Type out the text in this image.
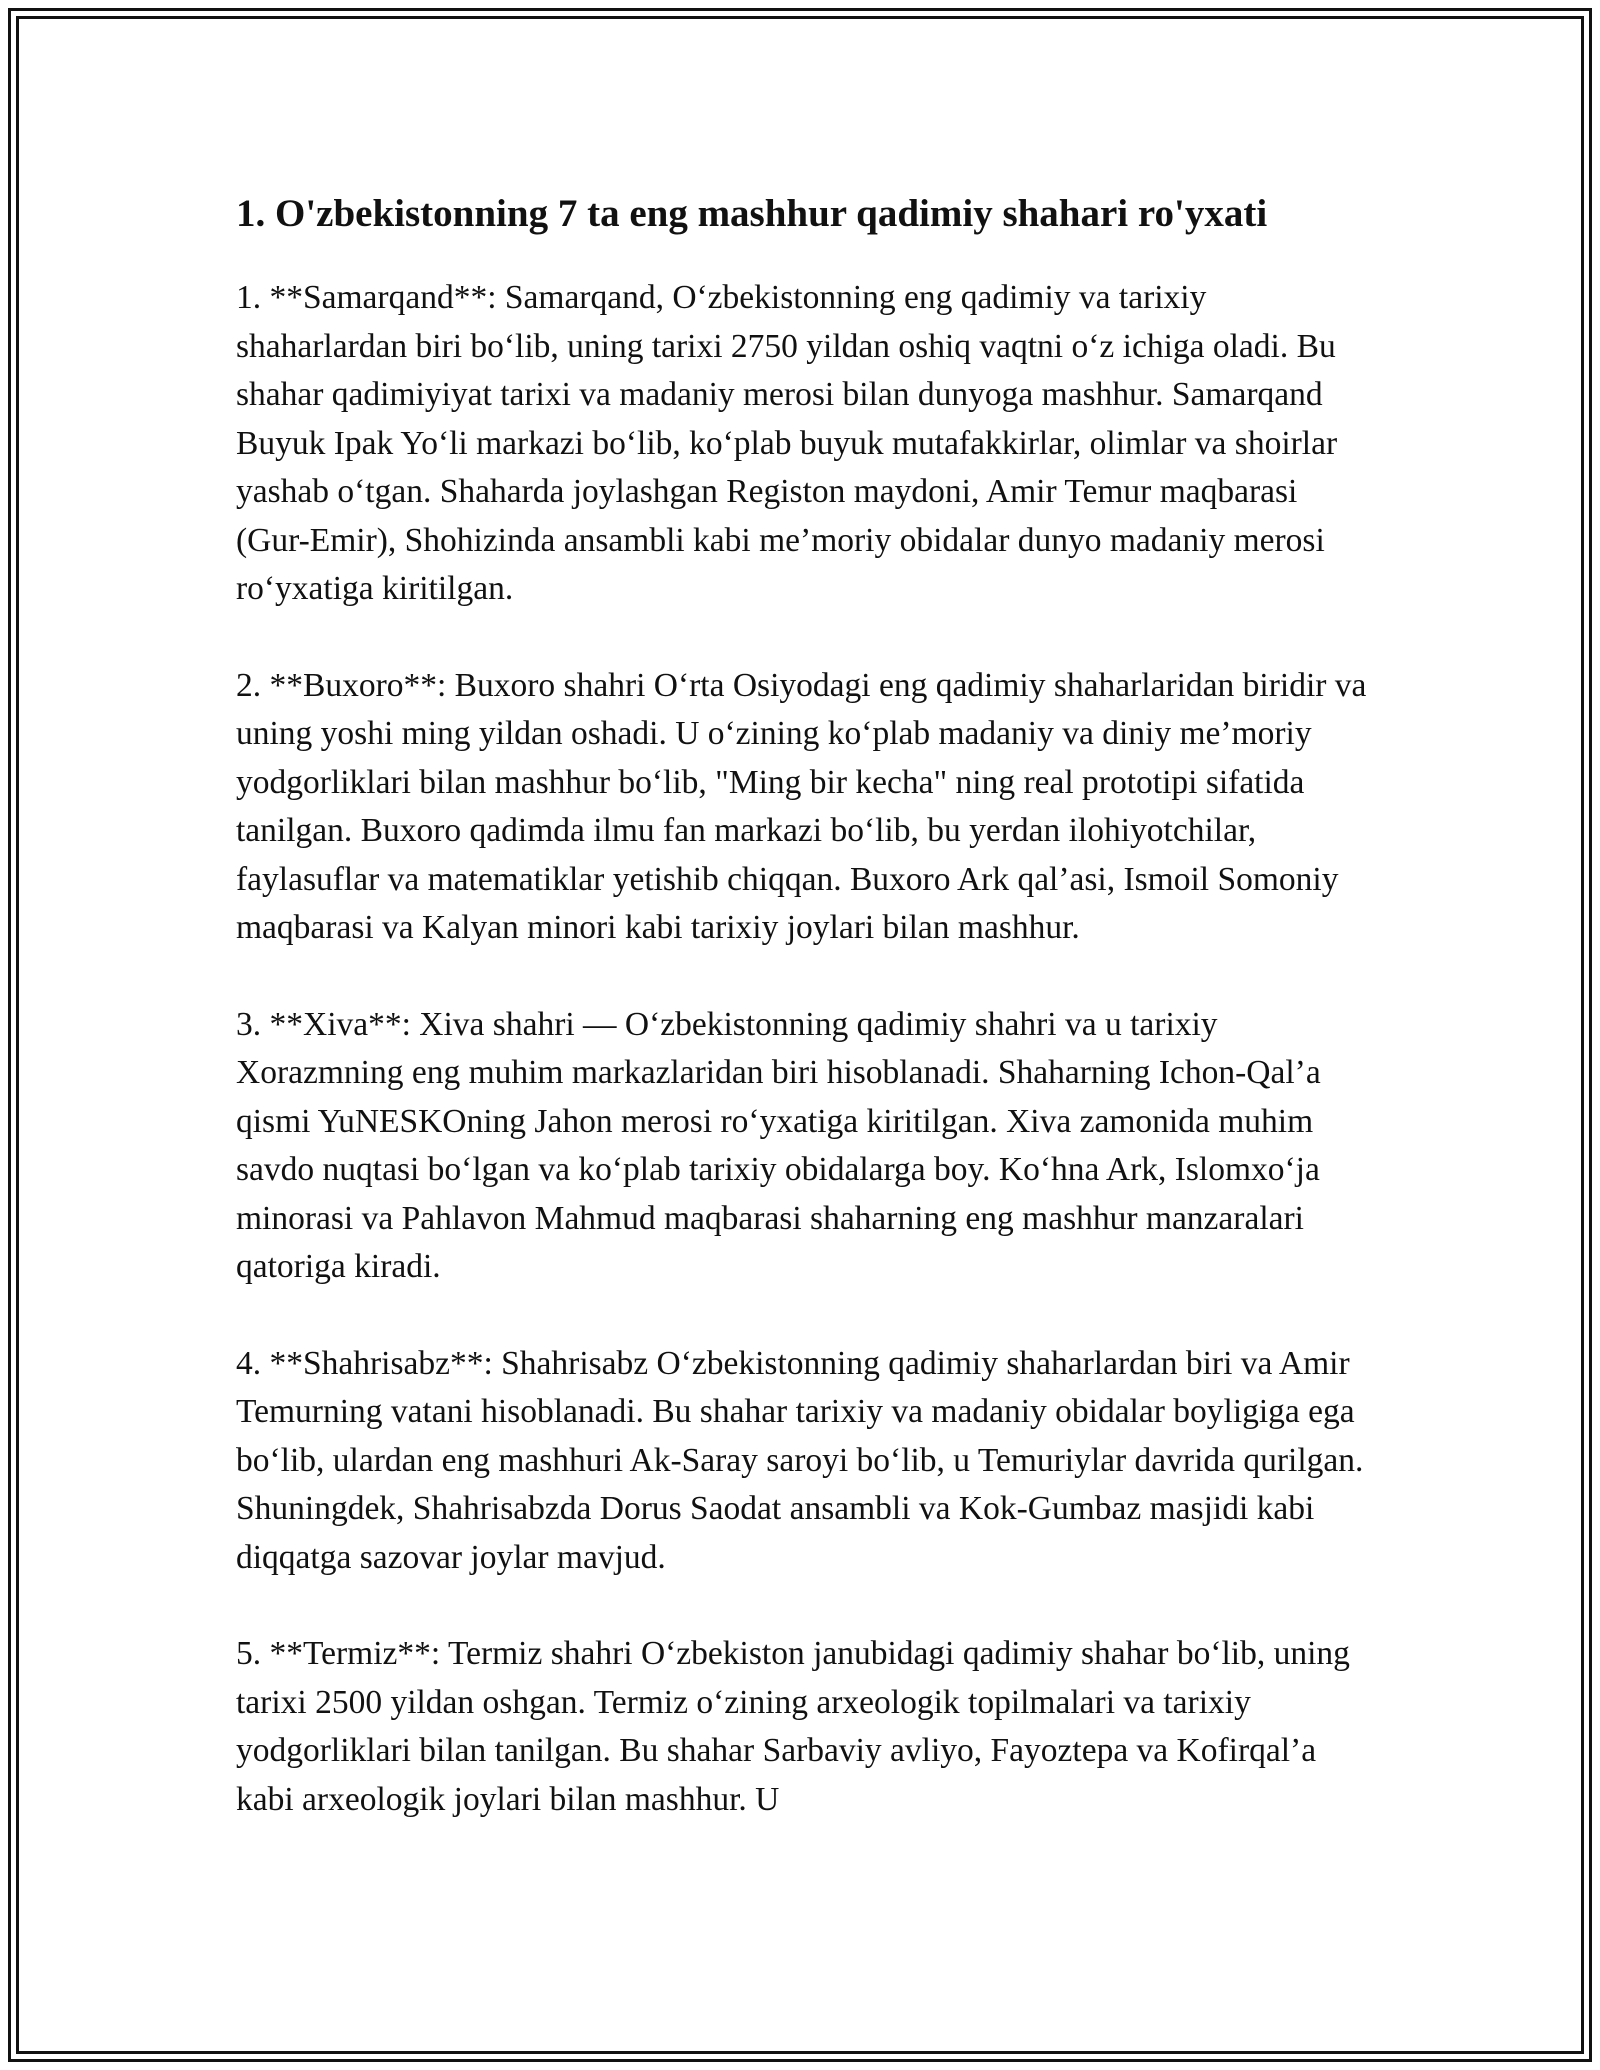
1. O'zbekistonning 7 ta eng mashhur qadimiy shahari ro'yxati

1. **Samarqand**: Samarqand, O‘zbekistonning eng qadimiy va tarixiy shaharlardan biri bo‘lib, uning tarixi 2750 yildan oshiq vaqtni o‘z ichiga oladi. Bu shahar qadimiyiyat tarixi va madaniy merosi bilan dunyoga mashhur. Samarqand Buyuk Ipak Yo‘li markazi bo‘lib, ko‘plab buyuk mutafakkirlar, olimlar va shoirlar yashab o‘tgan. Shaharda joylashgan Registon maydoni, Amir Temur maqbarasi (Gur-Emir), Shohizinda ansambli kabi me’moriy obidalar dunyo madaniy merosi ro‘yxatiga kiritilgan.

2. **Buxoro**: Buxoro shahri O‘rta Osiyodagi eng qadimiy shaharlaridan biridir va uning yoshi ming yildan oshadi. U o‘zining ko‘plab madaniy va diniy me’moriy yodgorliklari bilan mashhur bo‘lib, "Ming bir kecha" ning real prototipi sifatida tanilgan. Buxoro qadimda ilmu fan markazi bo‘lib, bu yerdan ilohiyotchilar, faylasuflar va matematiklar yetishib chiqqan. Buxoro Ark qal’asi, Ismoil Somoniy maqbarasi va Kalyan minori kabi tarixiy joylari bilan mashhur.

3. **Xiva**: Xiva shahri — O‘zbekistonning qadimiy shahri va u tarixiy Xorazmning eng muhim markazlaridan biri hisoblanadi. Shaharning Ichon-Qal’a qismi YuNESKOning Jahon merosi ro‘yxatiga kiritilgan. Xiva zamonida muhim savdo nuqtasi bo‘lgan va ko‘plab tarixiy obidalarga boy. Ko‘hna Ark, Islomxo‘ja minorasi va Pahlavon Mahmud maqbarasi shaharning eng mashhur manzaralari qatoriga kiradi.

4. **Shahrisabz**: Shahrisabz O‘zbekistonning qadimiy shaharlardan biri va Amir Temurning vatani hisoblanadi. Bu shahar tarixiy va madaniy obidalar boyligiga ega bo‘lib, ulardan eng mashhuri Ak-Saray saroyi bo‘lib, u Temuriylar davrida qurilgan. Shuningdek, Shahrisabzda Dorus Saodat ansambli va Kok-Gumbaz masjidi kabi diqqatga sazovar joylar mavjud.

5. **Termiz**: Termiz shahri O‘zbekiston janubidagi qadimiy shahar bo‘lib, uning tarixi 2500 yildan oshgan. Termiz o‘zining arxeologik topilmalari va tarixiy yodgorliklari bilan tanilgan. Bu shahar Sarbaviy avliyo, Fayoztepa va Kofirqal’a kabi arxeologik joylari bilan mashhur. U
